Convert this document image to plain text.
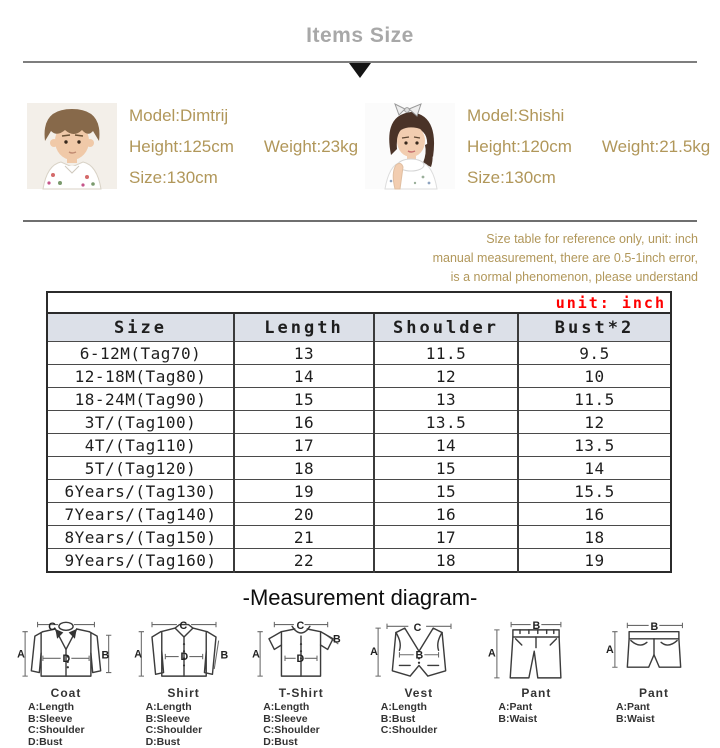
Items Size
Model:Dimtrij
Height:125cm Weight:23kg
Size:130cm
Model:Shishi
Height:120cm Weight:21.5kg
Size:130cm
Size table for reference only, unit: inch
manual measurement, there are 0.5-1inch error,
is a normal phenomenon, please understand
unit: inch			
Size	Length	Shoulder	Bust*2
6-12M(Tag70)	13	11.5	9.5
12-18M(Tag80)	14	12	10
18-24M(Tag90)	15	13	11.5
3T/(Tag100)	16	13.5	12
4T/(Tag110)	17	14	13.5
5T/(Tag120)	18	15	14
6Years/(Tag130)	19	15	15.5
7Years/(Tag140)	20	16	16
8Years/(Tag150)	21	17	18
9Years/(Tag160)	22	18	19
-Measurement diagram-
A	B
C
D
Coat
A:Length
B:Sleeve
C:Shoulder
D:Bust
A	B
C
D
Shirt
A:Length
B:Sleeve
C:Shoulder
D:Bust
A
B
C
D
T-Shirt
A:Length
B:Sleeve
C:Shoulder
D:Bust
A	B
C
Vest
A:Length
B:Bust
C:Shoulder
A
B
Pant
A:Pant
B:Waist
A
B
Pant
A:Pant
B:Waist
